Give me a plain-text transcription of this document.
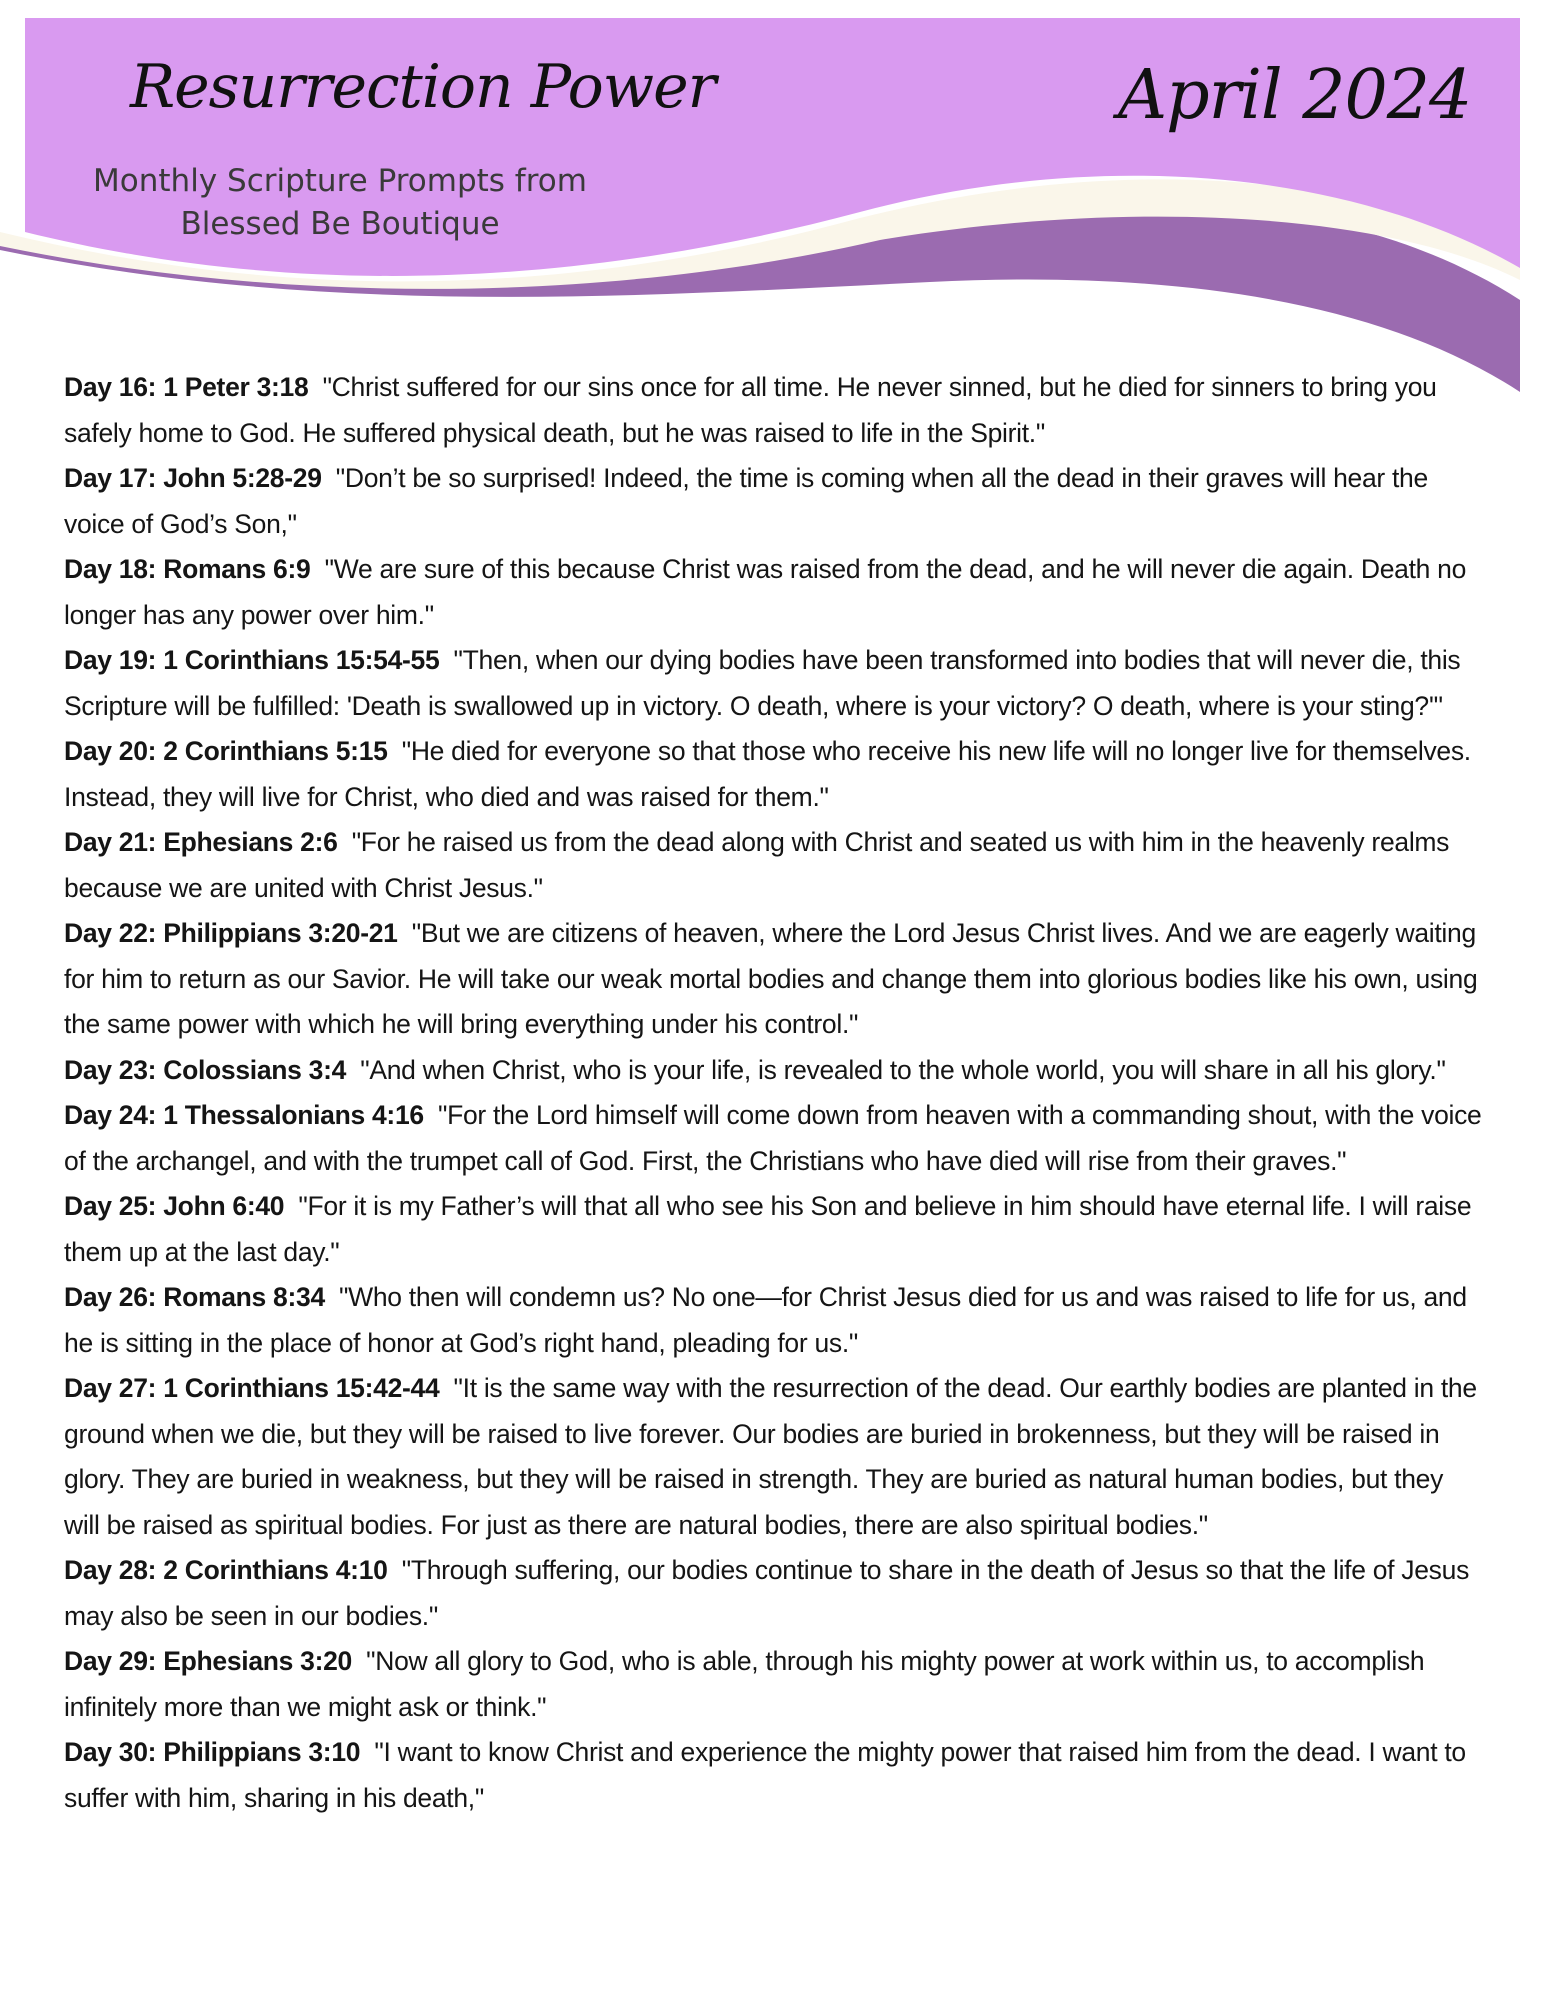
Resurrection Power	April 2024
Monthly Scripture Prompts from
Blessed Be Boutique

Day 16: 1 Peter 3:18 "Christ suffered for our sins once for all time. He never sinned, but he died for sinners to bring you safely home to God. He suffered physical death, but he was raised to life in the Spirit."

Day 17: John 5:28-29 "Don’t be so surprised! Indeed, the time is coming when all the dead in their graves will hear the voice of God’s Son,"

Day 18: Romans 6:9 "We are sure of this because Christ was raised from the dead, and he will never die again. Death no longer has any power over him."

Day 19: 1 Corinthians 15:54-55 "Then, when our dying bodies have been transformed into bodies that will never die, this Scripture will be fulfilled: 'Death is swallowed up in victory. O death, where is your victory? O death, where is your sting?'"

Day 20: 2 Corinthians 5:15 "He died for everyone so that those who receive his new life will no longer live for themselves. Instead, they will live for Christ, who died and was raised for them."

Day 21: Ephesians 2:6 "For he raised us from the dead along with Christ and seated us with him in the heavenly realms because we are united with Christ Jesus."

Day 22: Philippians 3:20-21 "But we are citizens of heaven, where the Lord Jesus Christ lives. And we are eagerly waiting for him to return as our Savior. He will take our weak mortal bodies and change them into glorious bodies like his own, using the same power with which he will bring everything under his control."

Day 23: Colossians 3:4 "And when Christ, who is your life, is revealed to the whole world, you will share in all his glory."

Day 24: 1 Thessalonians 4:16 "For the Lord himself will come down from heaven with a commanding shout, with the voice of the archangel, and with the trumpet call of God. First, the Christians who have died will rise from their graves."

Day 25: John 6:40 "For it is my Father’s will that all who see his Son and believe in him should have eternal life. I will raise them up at the last day."

Day 26: Romans 8:34 "Who then will condemn us? No one—for Christ Jesus died for us and was raised to life for us, and he is sitting in the place of honor at God’s right hand, pleading for us."

Day 27: 1 Corinthians 15:42-44 "It is the same way with the resurrection of the dead. Our earthly bodies are planted in the ground when we die, but they will be raised to live forever. Our bodies are buried in brokenness, but they will be raised in glory. They are buried in weakness, but they will be raised in strength. They are buried as natural human bodies, but they will be raised as spiritual bodies. For just as there are natural bodies, there are also spiritual bodies."

Day 28: 2 Corinthians 4:10 "Through suffering, our bodies continue to share in the death of Jesus so that the life of Jesus may also be seen in our bodies."

Day 29: Ephesians 3:20 "Now all glory to God, who is able, through his mighty power at work within us, to accomplish infinitely more than we might ask or think."

Day 30: Philippians 3:10 "I want to know Christ and experience the mighty power that raised him from the dead. I want to suffer with him, sharing in his death,"
